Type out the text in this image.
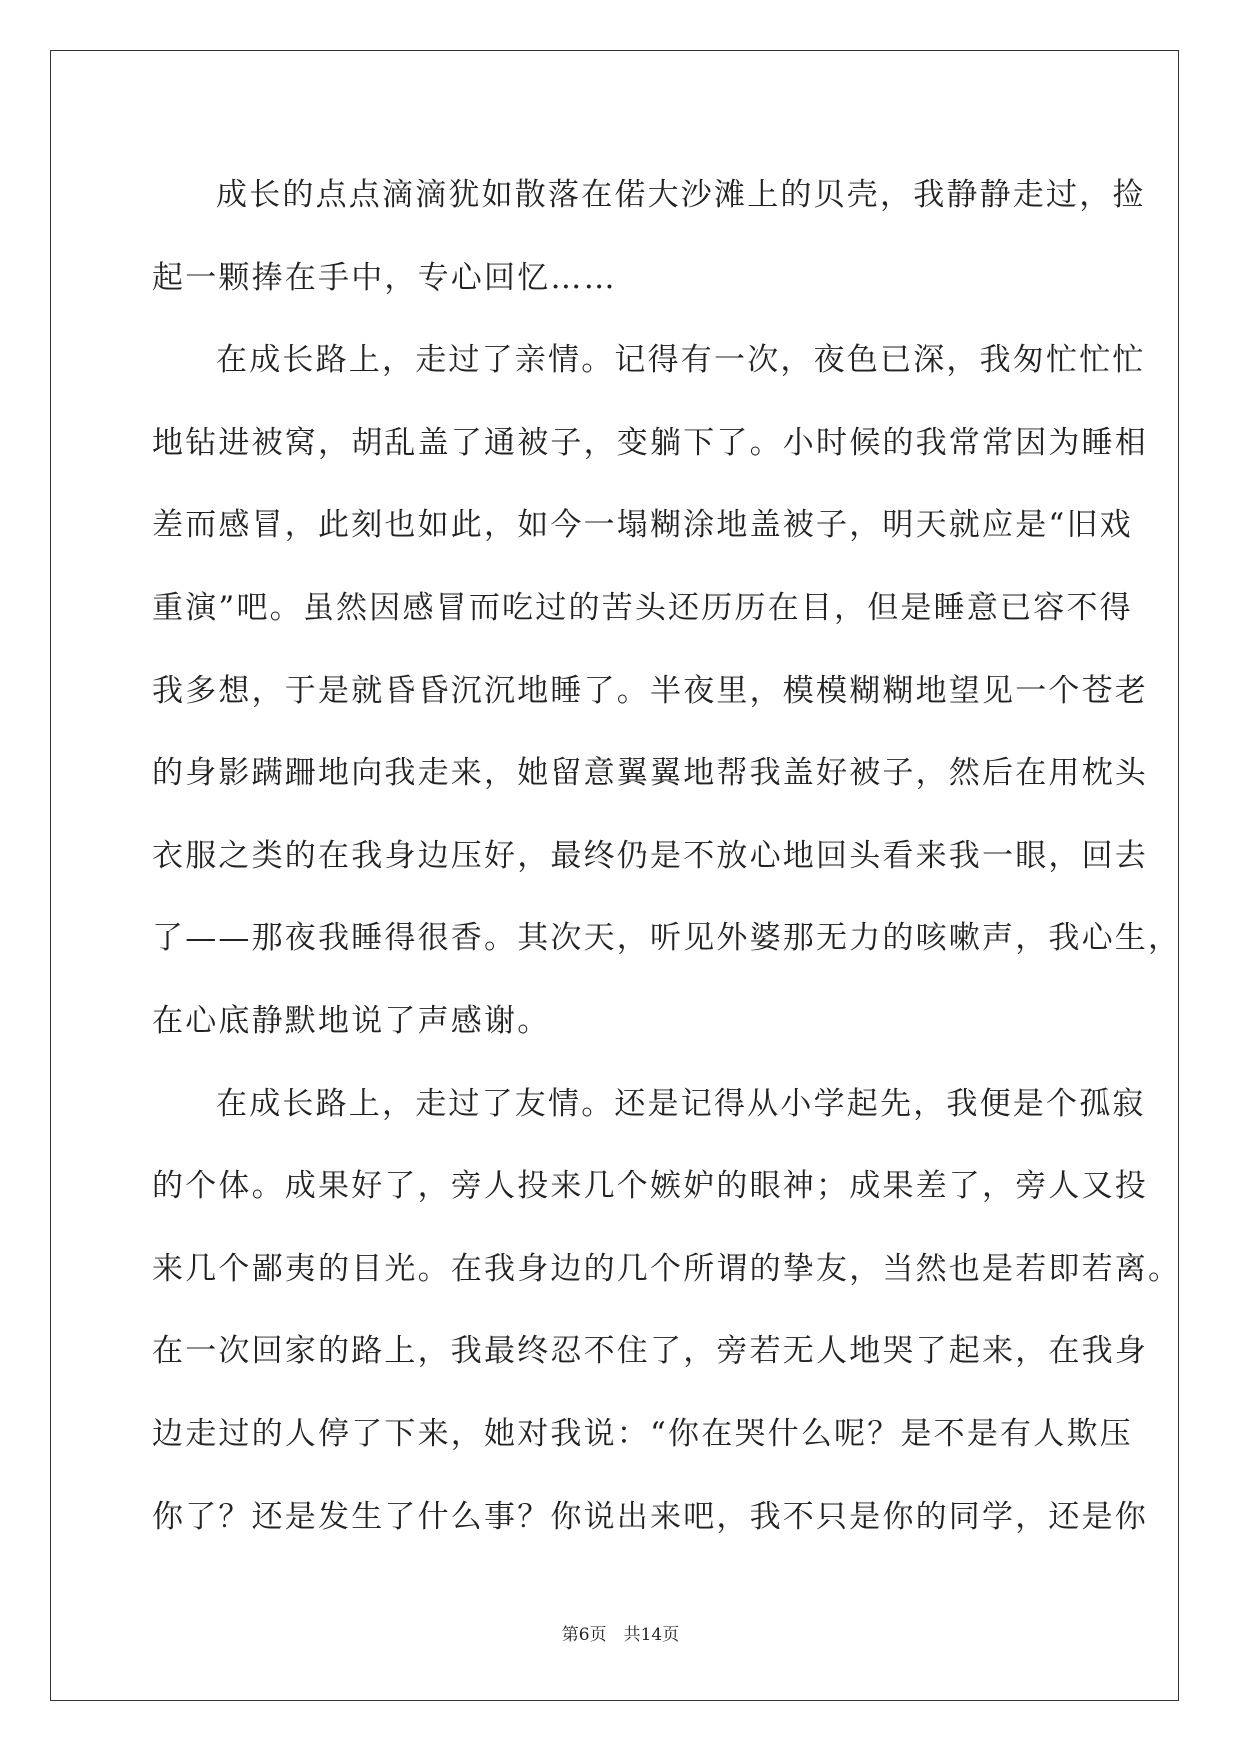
成长的点点滴滴犹如散落在偌大沙滩上的贝壳，我静静走过，捡
起一颗捧在手中，专心回忆……
在成长路上，走过了亲情。记得有一次，夜色已深，我匆忙忙忙
地钻进被窝，胡乱盖了通被子，变躺下了。小时候的我常常因为睡相
差而感冒，此刻也如此，如今一塌糊涂地盖被子，明天就应是“旧戏
重演”吧。虽然因感冒而吃过的苦头还历历在目，但是睡意已容不得
我多想，于是就昏昏沉沉地睡了。半夜里，模模糊糊地望见一个苍老
的身影蹒跚地向我走来，她留意翼翼地帮我盖好被子，然后在用枕头
衣服之类的在我身边压好，最终仍是不放心地回头看来我一眼，回去
了——那夜我睡得很香。其次天，听见外婆那无力的咳嗽声，我心生，
在心底静默地说了声感谢。
在成长路上，走过了友情。还是记得从小学起先，我便是个孤寂
的个体。成果好了，旁人投来几个嫉妒的眼神；成果差了，旁人又投
来几个鄙夷的目光。在我身边的几个所谓的挚友，当然也是若即若离。
在一次回家的路上，我最终忍不住了，旁若无人地哭了起来，在我身
边走过的人停了下来，她对我说：“你在哭什么呢？是不是有人欺压
你了？还是发生了什么事？你说出来吧，我不只是你的同学，还是你
第6页　共14页
